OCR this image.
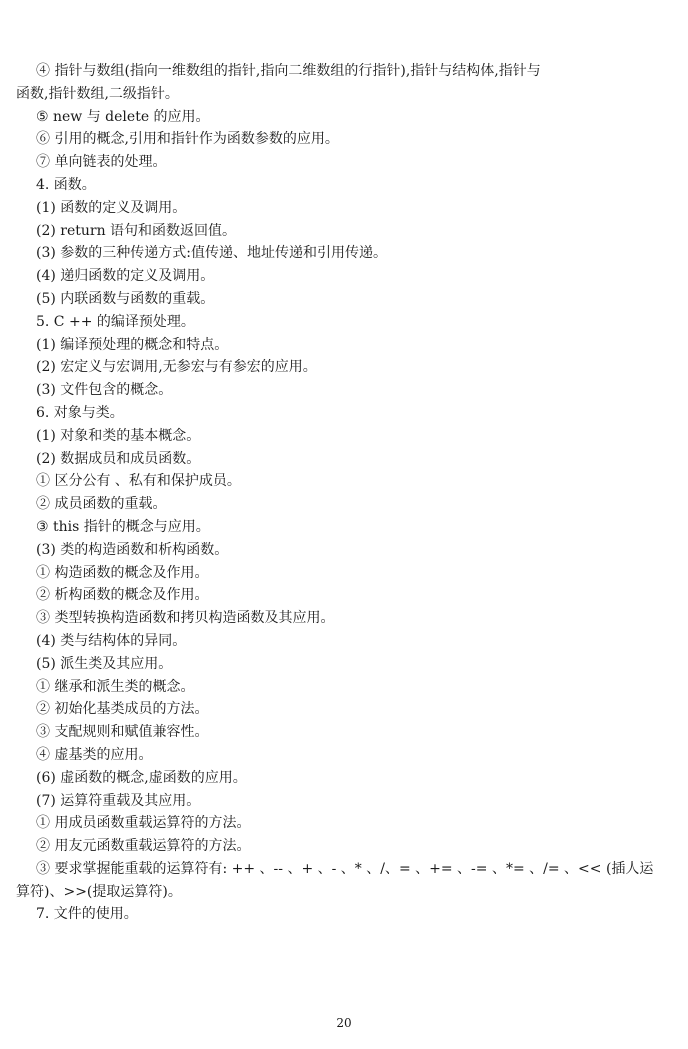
④ 指针与数组(指向一维数组的指针,指向二维数组的行指针),指针与结构体,指针与
函数,指针数组,二级指针。
⑤ new 与 delete 的应用。
⑥ 引用的概念,引用和指针作为函数参数的应用。
⑦ 单向链表的处理。
4. 函数。
(1) 函数的定义及调用。
(2) return 语句和函数返回值。
(3) 参数的三种传递方式:值传递、地址传递和引用传递。
(4) 递归函数的定义及调用。
(5) 内联函数与函数的重载。
5. C ++ 的编译预处理。
(1) 编译预处理的概念和特点。
(2) 宏定义与宏调用,无参宏与有参宏的应用。
(3) 文件包含的概念。
6. 对象与类。
(1) 对象和类的基本概念。
(2) 数据成员和成员函数。
① 区分公有 、私有和保护成员。
② 成员函数的重载。
③ this 指针的概念与应用。
(3) 类的构造函数和析构函数。
① 构造函数的概念及作用。
② 析构函数的概念及作用。
③ 类型转换构造函数和拷贝构造函数及其应用。
(4) 类与结构体的异同。
(5) 派生类及其应用。
① 继承和派生类的概念。
② 初始化基类成员的方法。
③ 支配规则和赋值兼容性。
④ 虚基类的应用。
(6) 虚函数的概念,虚函数的应用。
(7) 运算符重载及其应用。
① 用成员函数重载运算符的方法。
② 用友元函数重载运算符的方法。
③ 要求掌握能重载的运算符有: ++ 、-- 、+ 、- 、* 、/、= 、+= 、-= 、*= 、/= 、<< (插人运
算符)、>>(提取运算符)。
7. 文件的使用。
20
